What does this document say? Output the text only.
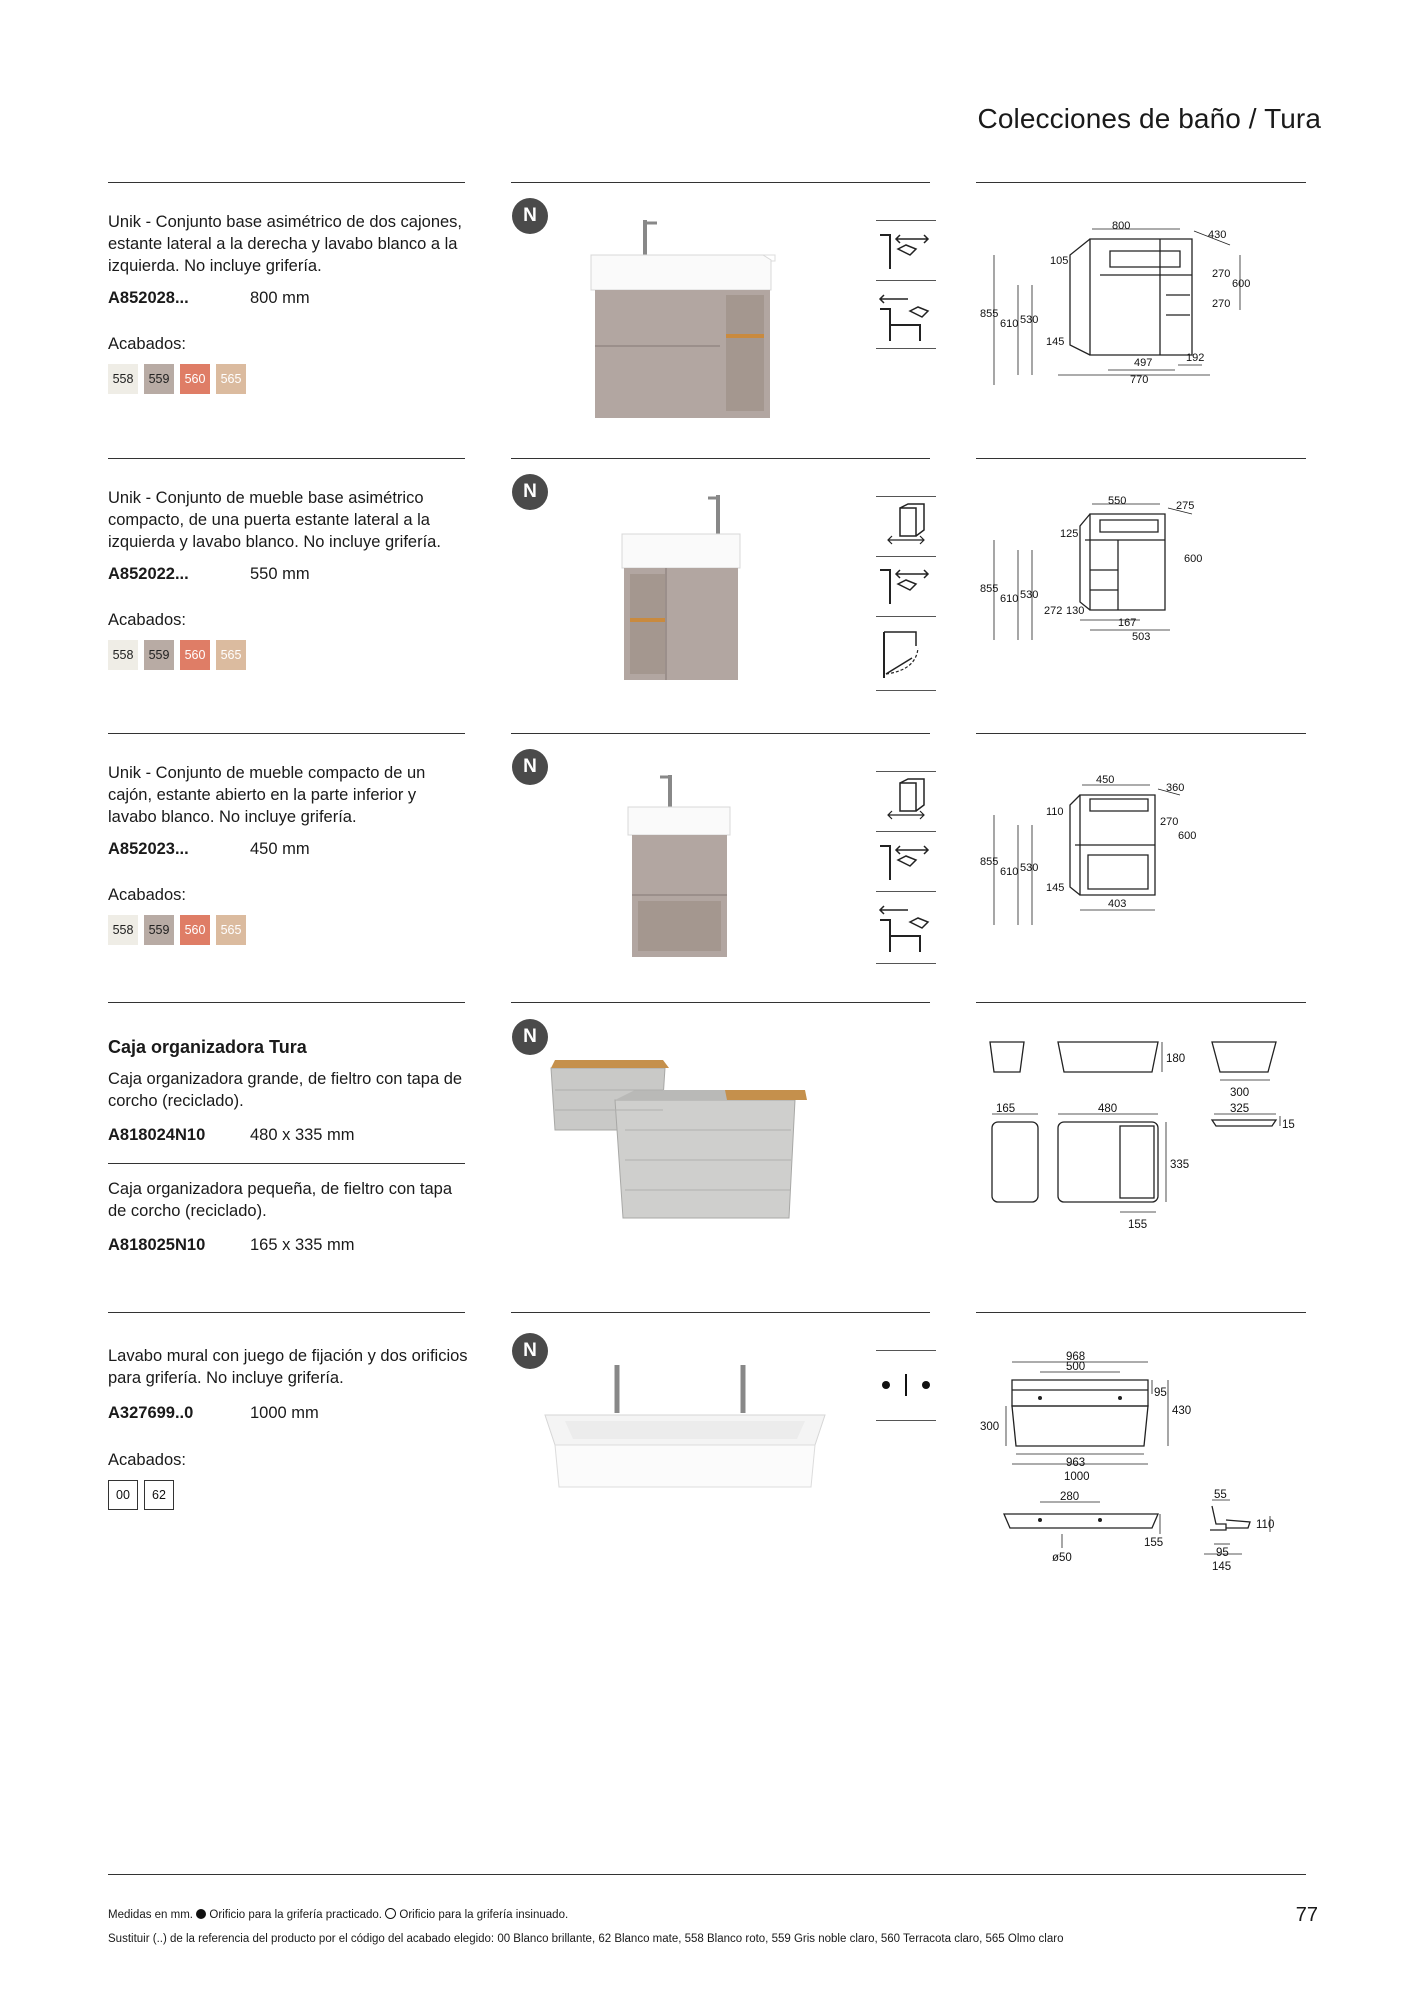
Colecciones de baño / Tura
Unik - Conjunto base asimétrico de dos cajones, estante lateral a la derecha y lavabo blanco a la izquierda. No incluye grifería.
A852028...	800 mm
Acabados:
558	559	560	565
N	800
430
105
270
600
270
855
610 530
145
497	192
770
Unik - Conjunto de mueble base asimétrico compacto, de una puerta estante lateral a la izquierda y lavabo blanco. No incluye grifería.
A852022...	550 mm
Acabados:
558	559	560	565
N	550	275
125
600
855
610 530
272 130
167
503
Unik - Conjunto de mueble compacto de un cajón, estante abierto en la parte inferior y lavabo blanco. No incluye grifería.
A852023...	450 mm
Acabados:
558	559	560	565
N
450
360
110
270
600
855
610 530
145
403
Caja organizadora Tura
Caja organizadora grande, de fieltro con tapa de corcho (reciclado).
A818024N10	480 x 335 mm
Caja organizadora pequeña, de fieltro con tapa de corcho (reciclado).
A818025N10	165 x 335 mm
N
180
300
165	480	325
15
335
155
Lavabo mural con juego de fijación y dos orificios para grifería. No incluye grifería.
A327699..0	1000 mm
Acabados:
00	62
N	968
500
95
300
430
963
1000
280
155
ø50
55
110
95
145
Medidas en mm. Orificio para la grifería practicado. Orificio para la grifería insinuado.
Sustituir (..) de la referencia del producto por el código del acabado elegido: 00 Blanco brillante, 62 Blanco mate, 558 Blanco roto, 559 Gris noble claro, 560 Terracota claro, 565 Olmo claro
77
